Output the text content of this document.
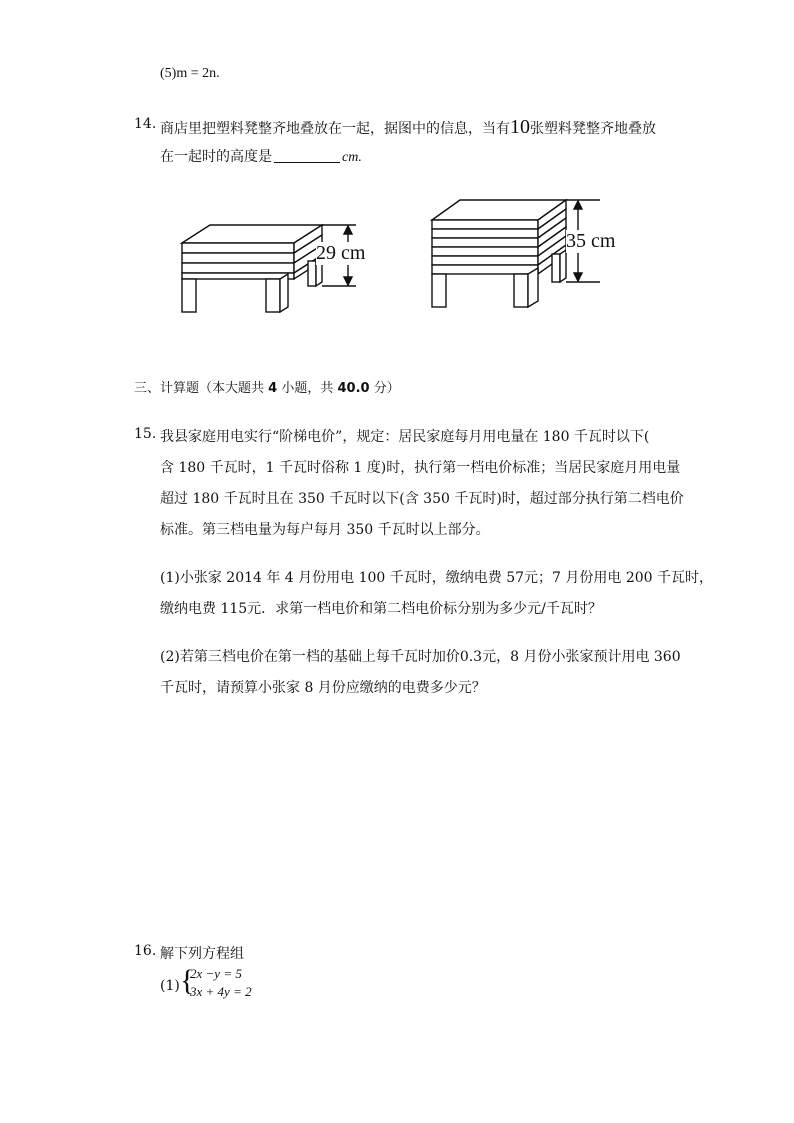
(5)m = 2n.
14. 商店里把塑料凳整齐地叠放在一起，据图中的信息，当有10张塑料凳整齐地叠放
在一起时的高度是	cm.
29 cm
35 cm
三、计算题（本大题共 4 小题，共 40.0 分）
15. 我县家庭用电实行“阶梯电价”，规定：居民家庭每月用电量在 180 千瓦时以下(
含 180 千瓦时，1 千瓦时俗称 1 度)时，执行第一档电价标准；当居民家庭月用电量
超过 180 千瓦时且在 350 千瓦时以下(含 350 千瓦时)时，超过部分执行第二档电价
标准。第三档电量为每户每月 350 千瓦时以上部分。
(1)小张家 2014 年 4 月份用电 100 千瓦时，缴纳电费 57元；7 月份用电 200 千瓦时，
缴纳电费 115元．求第一档电价和第二档电价标分别为多少元/千瓦时？
(2)若第三档电价在第一档的基础上每千瓦时加价0.3元，8 月份小张家预计用电 360
千瓦时，请预算小张家 8 月份应缴纳的电费多少元？
16. 解下列方程组
(1) {
2x −y = 5
3x + 4y = 2
